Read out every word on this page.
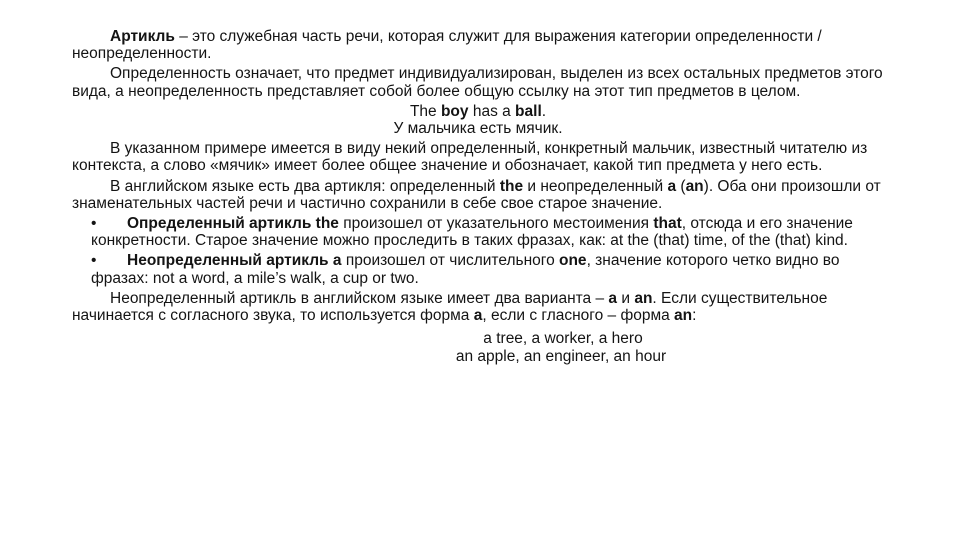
Артикль – это служебная часть речи, которая служит для выражения категории определенности / неопределенности.

Определенность означает, что предмет индивидуализирован, выделен из всех остальных предметов этого вида, а неопределенность представляет собой более общую ссылку на этот тип предметов в целом.

The boy has a ball.

У мальчика есть мячик.

В указанном примере имеется в виду некий определенный, конкретный мальчик, известный читателю из контекста, а слово «мячик» имеет более общее значение и обозначает, какой тип предмета у него есть.

В английском языке есть два артикля: определенный the и неопределенный a (an). Оба они произошли от знаменательных частей речи и частично сохранили в себе свое старое значение.

• Определенный артикль the произошел от указательного местоимения that, отсюда и его значение конкретности. Старое значение можно проследить в таких фразах, как: at the (that) time, of the (that) kind.

• Неопределенный артикль a произошел от числительного one, значение которого четко видно во фразах: not a word, a mile’s walk, a cup or two.

Неопределенный артикль в английском языке имеет два варианта – a и an. Если существительное начинается с согласного звука, то используется форма a, если с гласного – форма an:

a tree, a worker, a hero
an apple, an engineer, an hour
